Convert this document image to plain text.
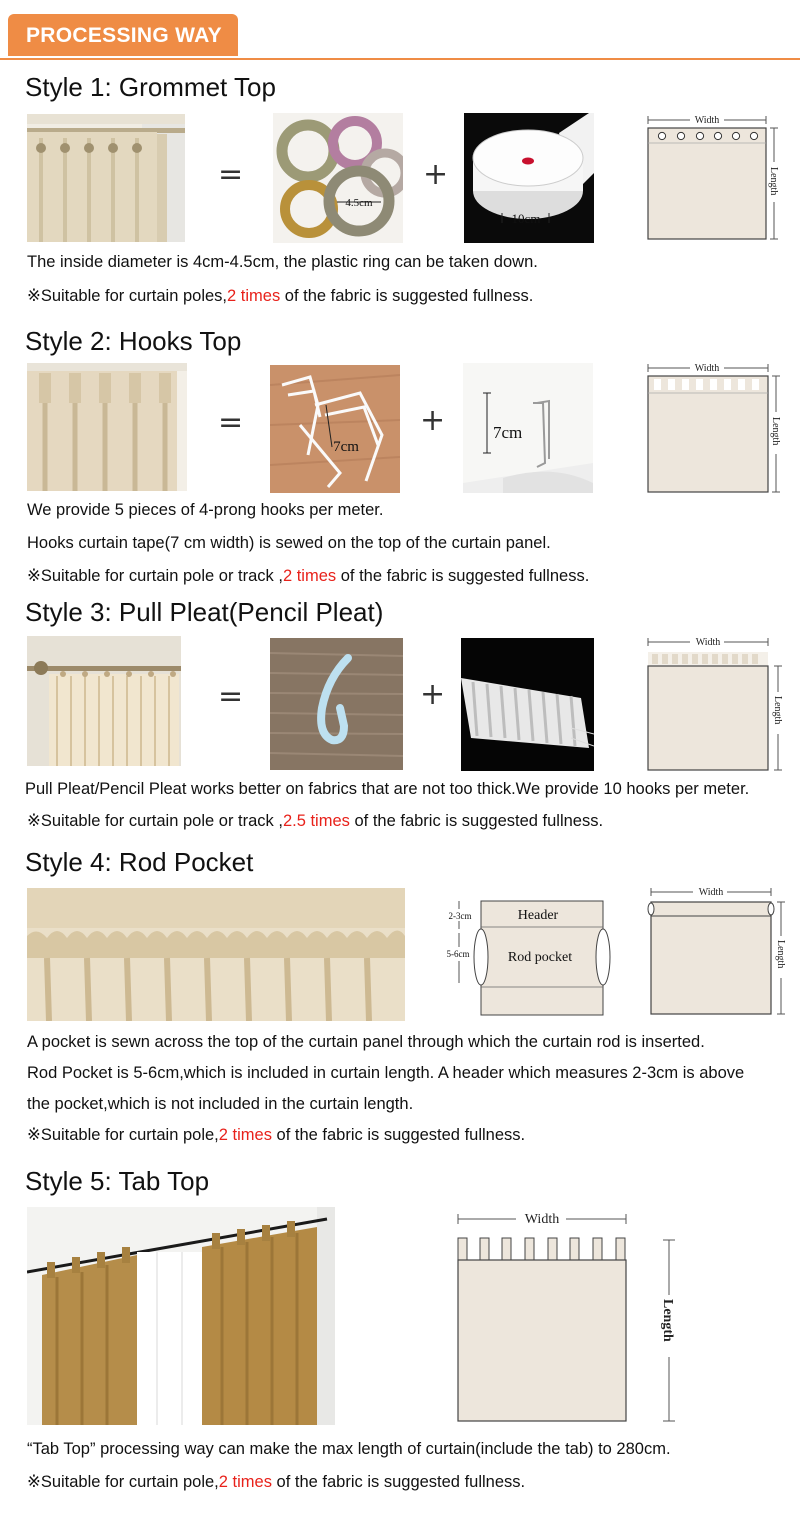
PROCESSING WAY
Style 1: Grommet Top
=
4.5cm
+
10cm
Width
Length
The inside diameter is 4cm-4.5cm, the plastic ring can be taken down.
※Suitable for curtain poles,2 times of the fabric is suggested fullness.
Style 2: Hooks Top
=
7cm
+	7cm
Width
Length
We provide 5 pieces of 4-prong hooks per meter.
Hooks curtain tape(7 cm width) is sewed on the top of the curtain panel.
※Suitable for curtain pole or track ,2 times of the fabric is suggested fullness.
Style 3: Pull Pleat(Pencil Pleat)
=	+
Width
Length
Pull Pleat/Pencil Pleat works better on fabrics that are not too thick.We provide 10 hooks per meter.
※Suitable for curtain pole or track ,2.5 times of the fabric is suggested fullness.
Style 4: Rod Pocket
Header
Rod pocket
2-3cm
5-6cm
Width
Length
A pocket is sewn across the top of the curtain panel through which the curtain rod is inserted.
Rod Pocket is 5-6cm,which is included in curtain length. A header which measures 2-3cm is above
the pocket,which is not included in the curtain length.
※Suitable for curtain pole,2 times of the fabric is suggested fullness.
Style 5: Tab Top
Width
Length
“Tab Top” processing way can make the max length of curtain(include the tab) to 280cm.
※Suitable for curtain pole,2 times of the fabric is suggested fullness.
